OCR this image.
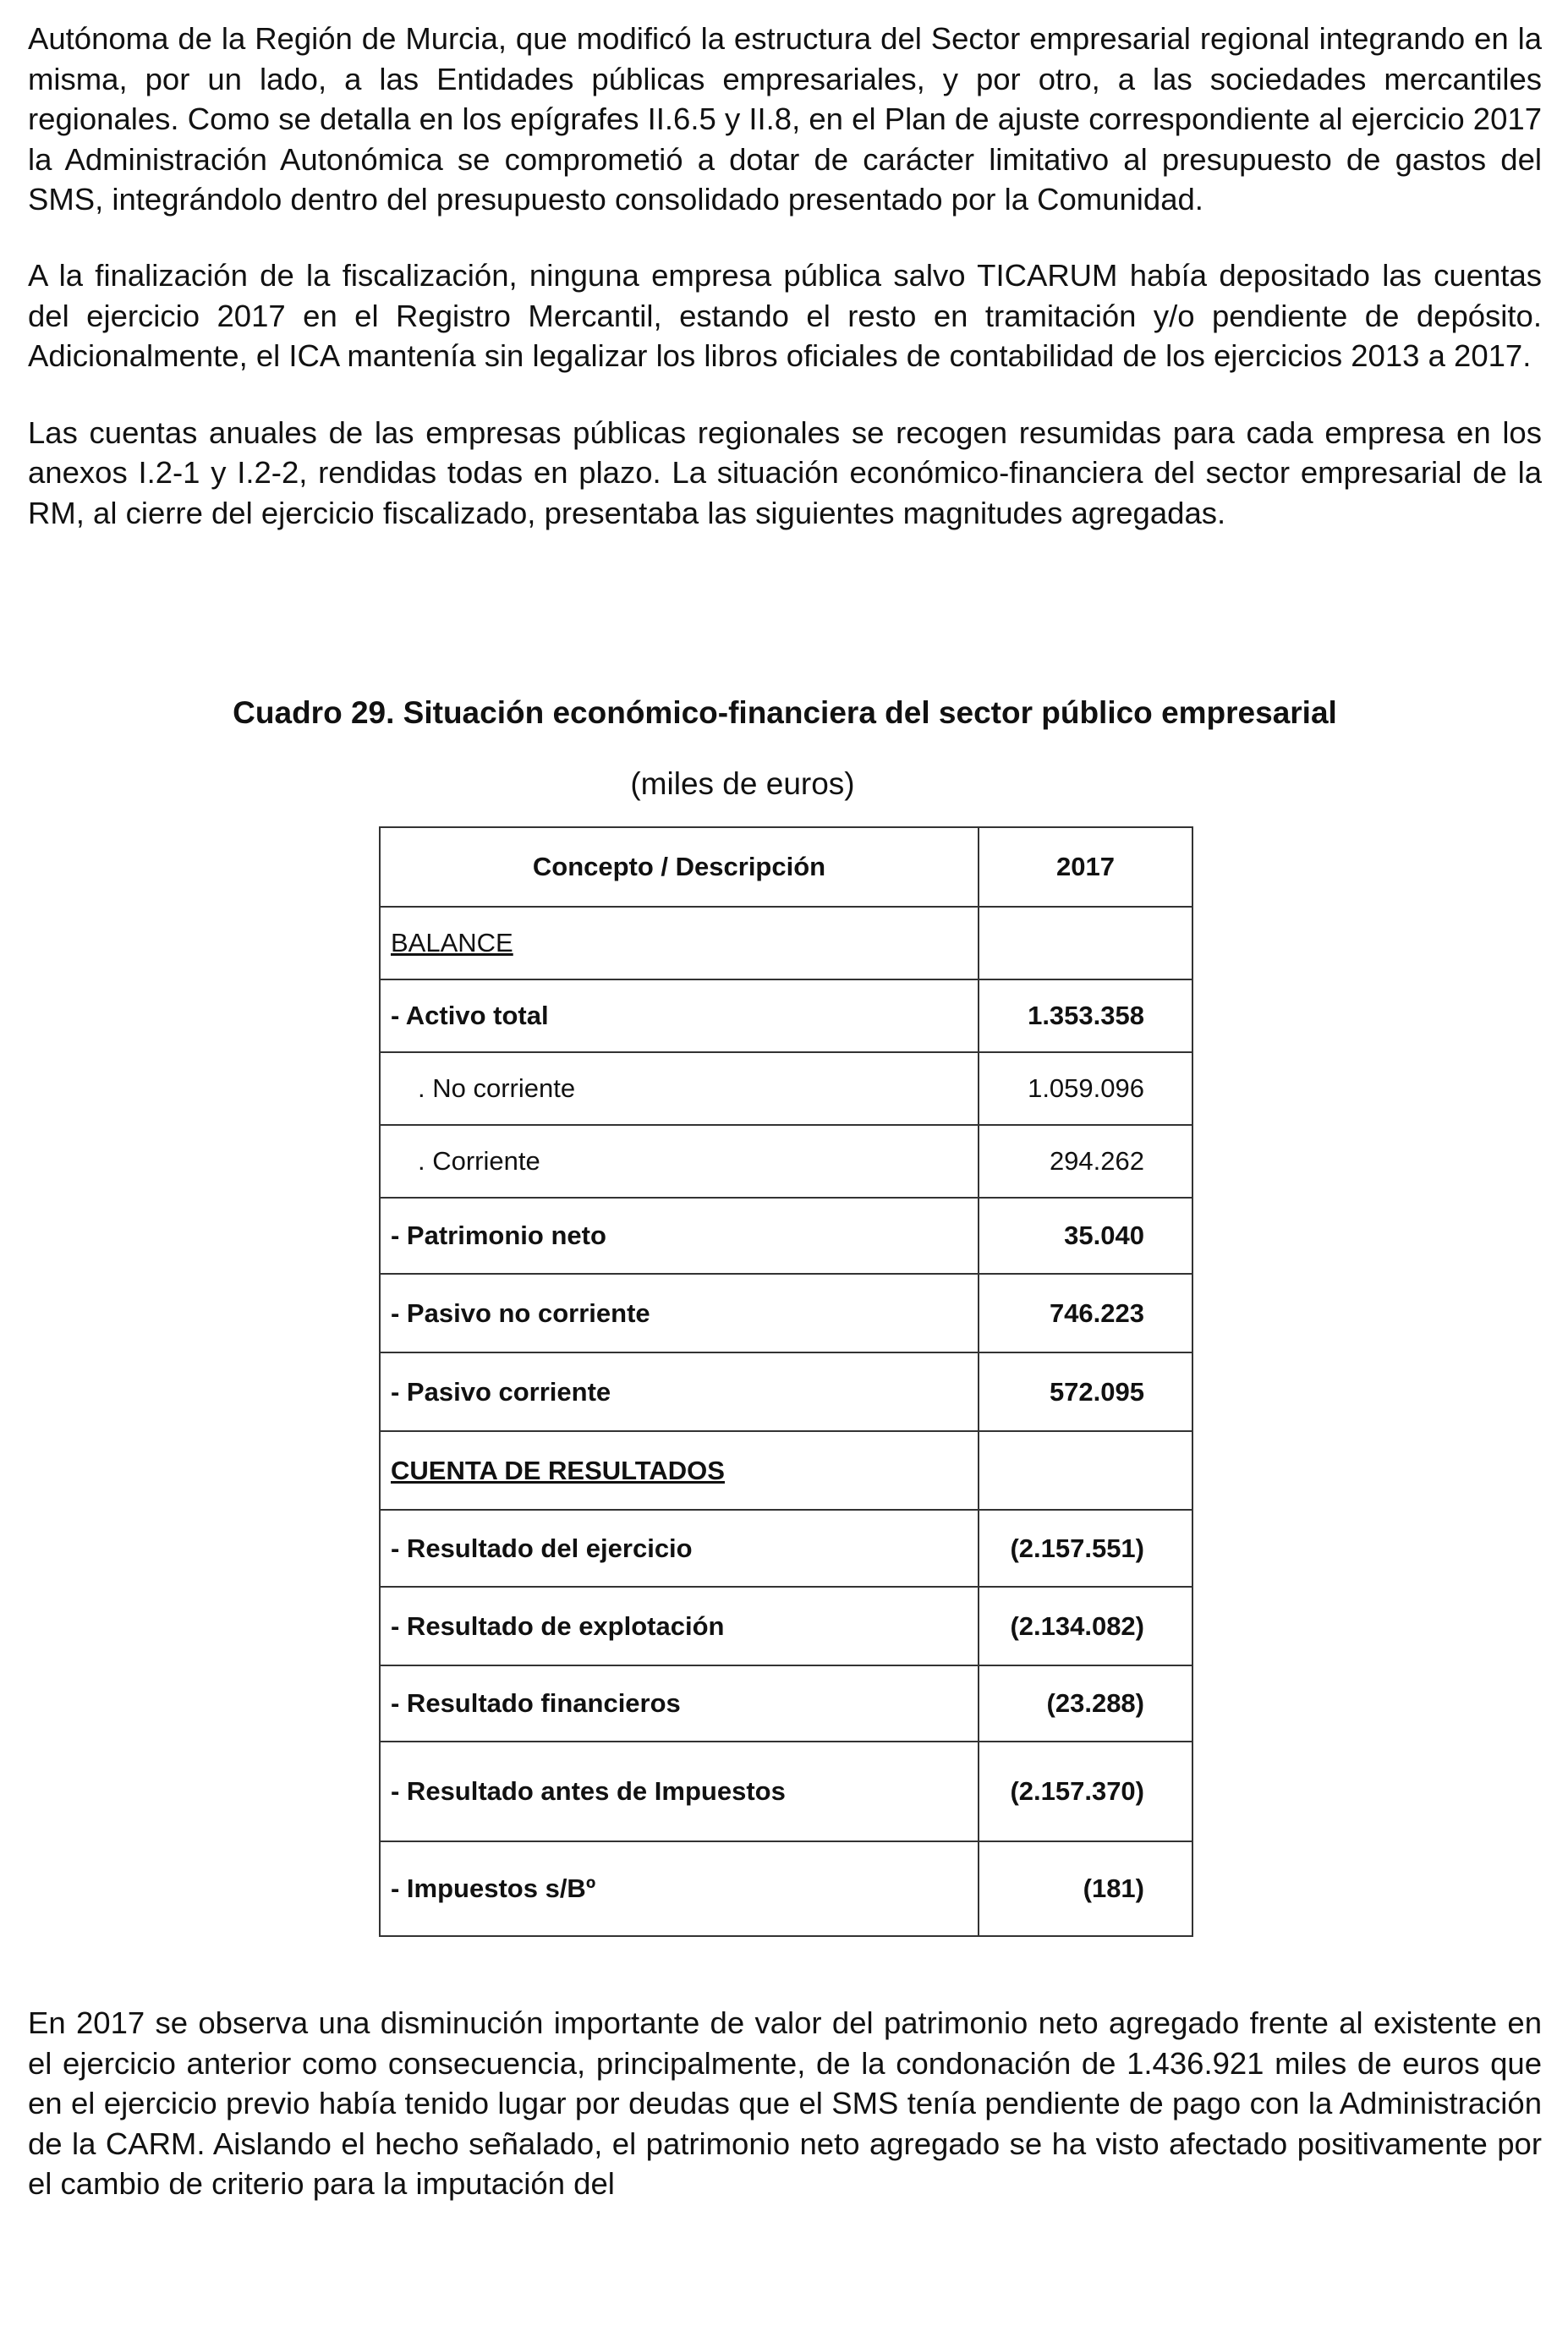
Autónoma de la Región de Murcia, que modificó la estructura del Sector empresarial regional integrando en la misma, por un lado, a las Entidades públicas empresariales, y por otro, a las sociedades mercantiles regionales. Como se detalla en los epígrafes II.6.5 y II.8, en el Plan de ajuste correspondiente al ejercicio 2017 la Administración Autonómica se comprometió a dotar de carácter limitativo al presupuesto de gastos del SMS, integrándolo dentro del presupuesto consolidado presentado por la Comunidad.

A la finalización de la fiscalización, ninguna empresa pública salvo TICARUM había depositado las cuentas del ejercicio 2017 en el Registro Mercantil, estando el resto en tramitación y/o pendiente de depósito. Adicionalmente, el ICA mantenía sin legalizar los libros oficiales de contabilidad de los ejercicios 2013 a 2017.

Las cuentas anuales de las empresas públicas regionales se recogen resumidas para cada empresa en los anexos I.2-1 y I.2-2, rendidas todas en plazo. La situación económico-financiera del sector empresarial de la RM, al cierre del ejercicio fiscalizado, presentaba las siguientes magnitudes agregadas.

Cuadro 29. Situación económico-financiera del sector público empresarial

(miles de euros)
Concepto / Descripción	2017
BALANCE	
- Activo total	1.353.358
. No corriente	1.059.096
. Corriente	294.262
- Patrimonio neto	35.040
- Pasivo no corriente	746.223
- Pasivo corriente	572.095
CUENTA DE RESULTADOS	
- Resultado del ejercicio	(2.157.551)
- Resultado de explotación	(2.134.082)
- Resultado financieros	(23.288)
- Resultado antes de Impuestos	(2.157.370)
- Impuestos s/Bº	(181)

En 2017 se observa una disminución importante de valor del patrimonio neto agregado frente al existente en el ejercicio anterior como consecuencia, principalmente, de la condonación de 1.436.921 miles de euros que en el ejercicio previo había tenido lugar por deudas que el SMS tenía pendiente de pago con la Administración de la CARM. Aislando el hecho señalado, el patrimonio neto agregado se ha visto afectado positivamente por el cambio de criterio para la imputación del
